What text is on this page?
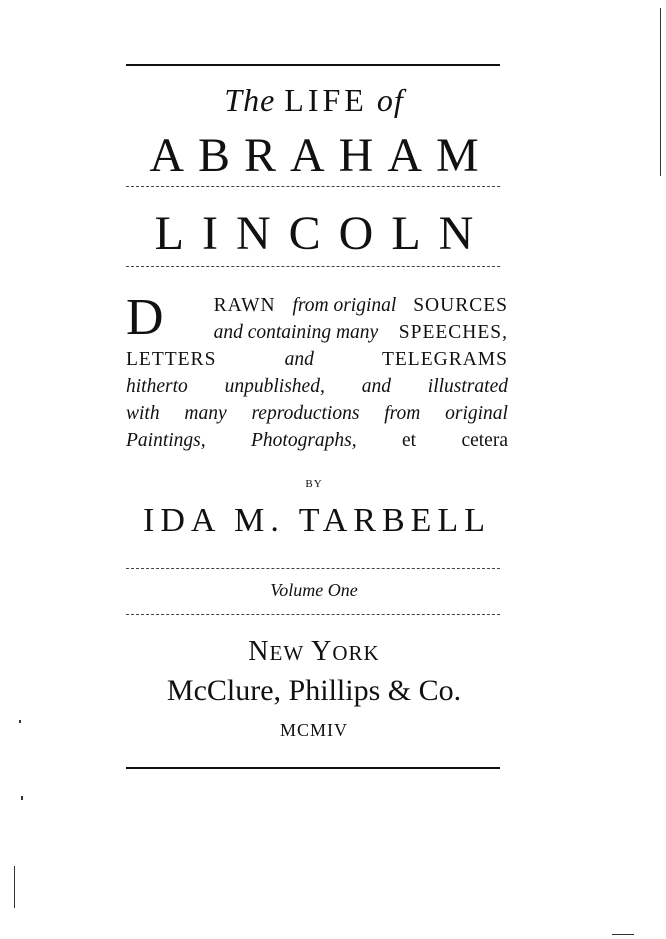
The LIFE of
ABRAHAM
LINCOLN
D	RAWN from original SOURCES
and containing many SPEECHES,
LETTERS	and	TELEGRAMS
hitherto unpublished, and illustrated
with many reproductions from original
Paintings, Photographs, et cetera
BY
IDA M. TARBELL
Volume One
NEW YORK
McClure, Phillips & Co.
MCMIV
